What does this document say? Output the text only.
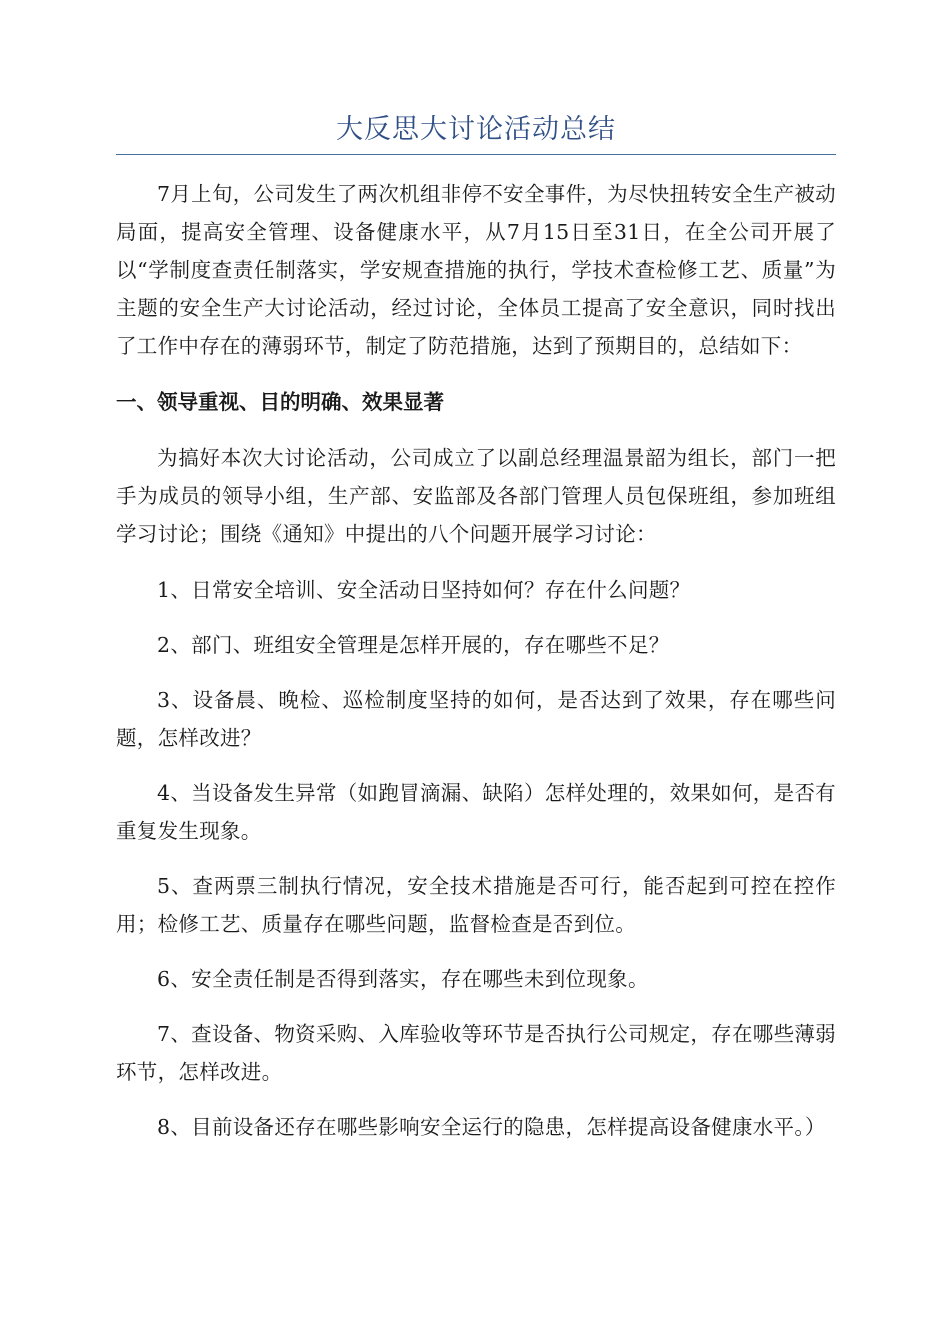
大反思大讨论活动总结

7月上旬，公司发生了两次机组非停不安全事件，为尽快扭转安全生产被动局面，提高安全管理、设备健康水平，从7月15日至31日，在全公司开展了以“学制度查责任制落实，学安规查措施的执行，学技术查检修工艺、质量”为主题的安全生产大讨论活动，经过讨论，全体员工提高了安全意识，同时找出了工作中存在的薄弱环节，制定了防范措施，达到了预期目的，总结如下：

一、领导重视、目的明确、效果显著

为搞好本次大讨论活动，公司成立了以副总经理温景韶为组长，部门一把手为成员的领导小组，生产部、安监部及各部门管理人员包保班组，参加班组学习讨论；围绕《通知》中提出的八个问题开展学习讨论：

1、日常安全培训、安全活动日坚持如何？存在什么问题？

2、部门、班组安全管理是怎样开展的，存在哪些不足？

3、设备晨、晚检、巡检制度坚持的如何，是否达到了效果，存在哪些问题，怎样改进？

4、当设备发生异常（如跑冒滴漏、缺陷）怎样处理的，效果如何，是否有重复发生现象。

5、查两票三制执行情况，安全技术措施是否可行，能否起到可控在控作用；检修工艺、质量存在哪些问题，监督检查是否到位。

6、安全责任制是否得到落实，存在哪些未到位现象。

7、查设备、物资采购、入库验收等环节是否执行公司规定，存在哪些薄弱环节，怎样改进。

8、目前设备还存在哪些影响安全运行的隐患，怎样提高设备健康水平。）
